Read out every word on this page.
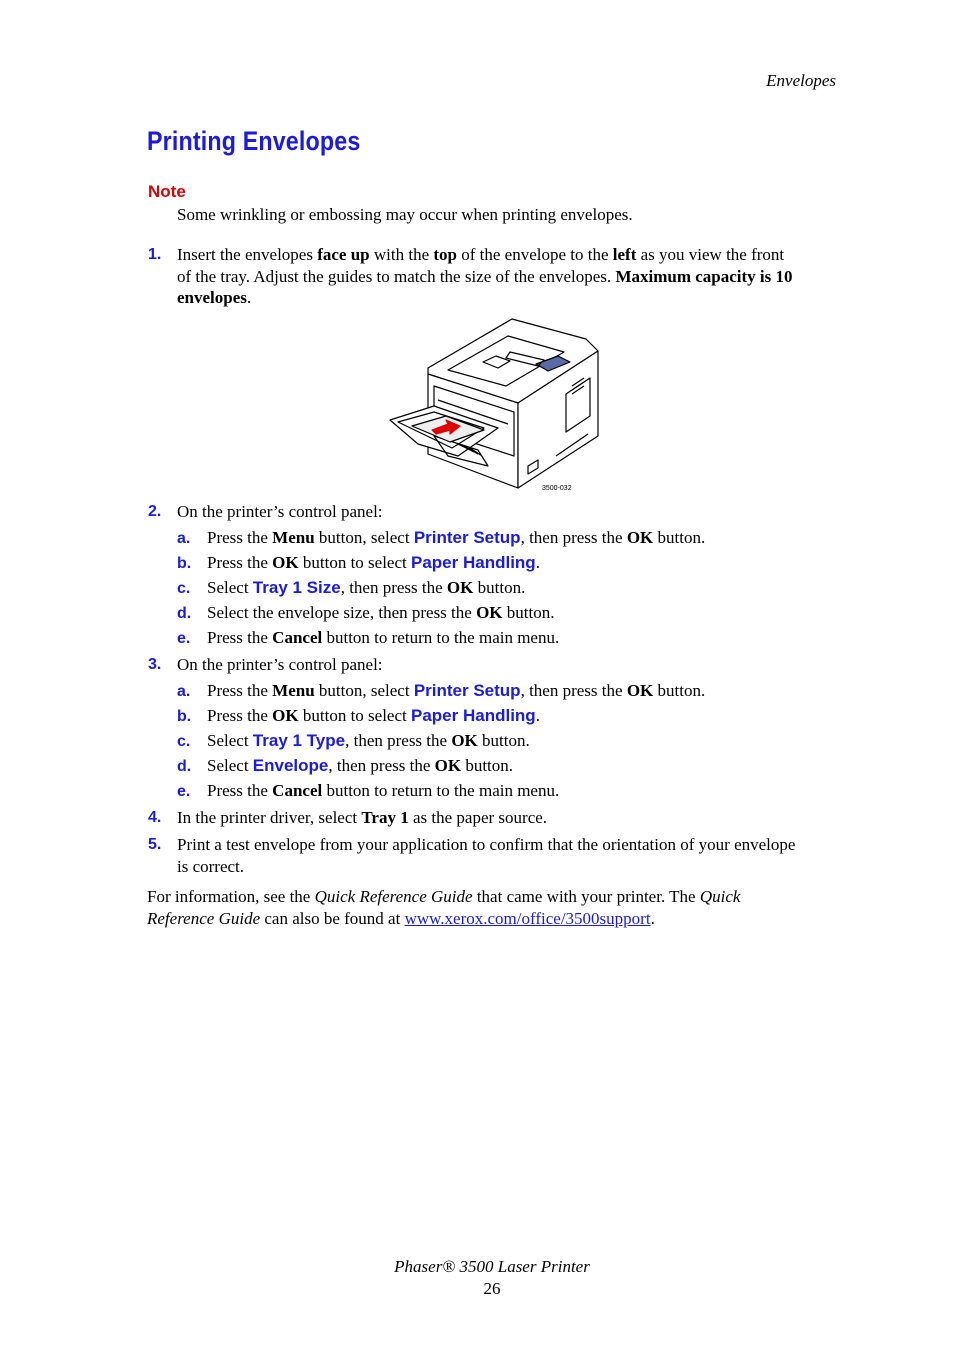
Envelopes
Printing Envelopes
Note
Some wrinkling or embossing may occur when printing envelopes.
1. Insert the envelopes face up with the top of the envelope to the left as you view the front
of the tray. Adjust the guides to match the size of the envelopes. Maximum capacity is 10
envelopes.
3500-032
2. On the printer’s control panel:
a. Press the Menu button, select Printer Setup, then press the OK button.
b. Press the OK button to select Paper Handling.
c. Select Tray 1 Size, then press the OK button.
d. Select the envelope size, then press the OK button.
e. Press the Cancel button to return to the main menu.
3. On the printer’s control panel:
a. Press the Menu button, select Printer Setup, then press the OK button.
b. Press the OK button to select Paper Handling.
c. Select Tray 1 Type, then press the OK button.
d. Select Envelope, then press the OK button.
e. Press the Cancel button to return to the main menu.
4. In the printer driver, select Tray 1 as the paper source.
5. Print a test envelope from your application to confirm that the orientation of your envelope
is correct.
For information, see the Quick Reference Guide that came with your printer. The Quick
Reference Guide can also be found at www.xerox.com/office/3500support.
Phaser® 3500 Laser Printer
26
